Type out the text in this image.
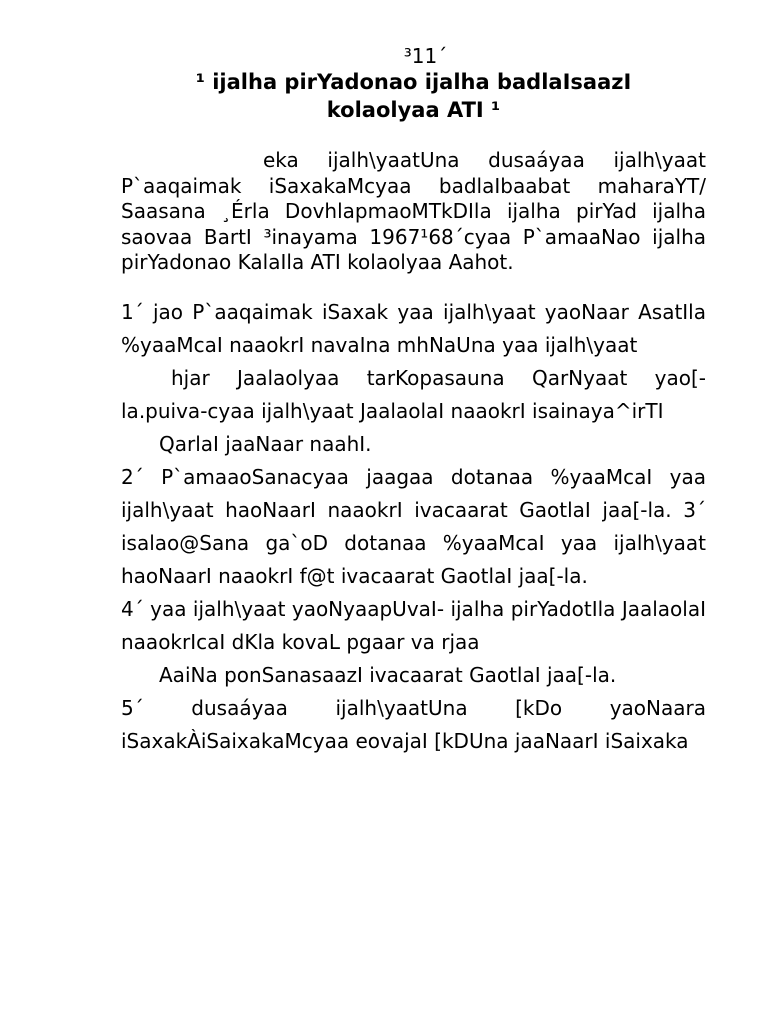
³11´
¹ ijalha pirYadonao ijalha badlaIsaazI
kolaolyaa ATI ¹
eka ijalh\yaatUna dusaáyaa ijalh\yaat P`aaqaimak iSaxakaMcyaa badlaIbaabat maharaYT/ Saasana ¸Érla DovhlapmaoMTkDIla ijalha pirYad ijalha saovaa BartI ³inayama 1967¹68´cyaa P`amaaNao ijalha pirYadonao KalaIla ATI kolaolyaa Aahot.

1´ jao P`aaqaimak iSaxak yaa ijalh\yaat yaoNaar AsatIla %yaaMcaI naaokrI navaIna mhNaUna yaa ijalh\yaat

hjar Jaalaolyaa tarKopasauna QarNyaat yao[-la.puiva-cyaa ijalh\yaat JaalaolaI naaokrI isainaya^irTI

QarlaI jaaNaar naahI.

2´ P`amaaoSanacyaa jaagaa dotanaa %yaaMcaI yaa ijalh\yaat haoNaarI naaokrI ivacaarat GaotlaI jaa[-la. 3´ isalao@Sana ga`oD dotanaa %yaaMcaI yaa ijalh\yaat haoNaarI naaokrI f@t ivacaarat GaotlaI jaa[-la.

4´ yaa ijalh\yaat yaoNyaapUvaI- ijalha pirYadotIla JaalaolaI naaokrIcaI dKla kovaL pgaar va rjaa

AaiNa ponSanasaazI ivacaarat GaotlaI jaa[-la.

5´ dusaáyaa ijalh\yaatUna [kDo yaoNaara iSaxakÀiSaixakaMcyaa eovajaI [kDUna jaaNaarI iSaixaka
